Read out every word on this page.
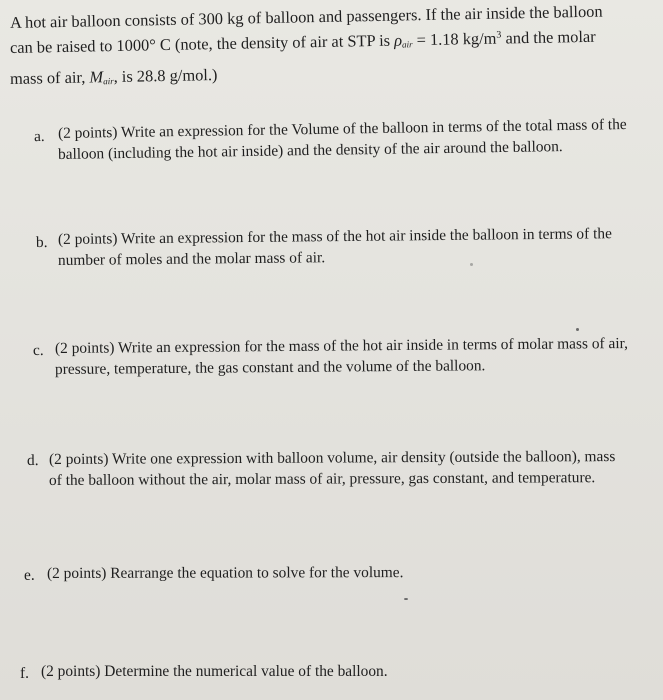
A hot air balloon consists of 300 kg of balloon and passengers. If the air inside the balloon
can be raised to 1000° C (note, the density of air at STP is ρair = 1.18 $kg/m^3$ and the molar
mass of air, Mair, is 28.8 g/mol.)
a. (2 points) Write an expression for the Volume of the balloon in terms of the total mass of the
balloon (including the hot air inside) and the density of the air around the balloon.
b. (2 points) Write an expression for the mass of the hot air inside the balloon in terms of the
number of moles and the molar mass of air.
c. (2 points) Write an expression for the mass of the hot air inside in terms of molar mass of air,
pressure, temperature, the gas constant and the volume of the balloon.
d. (2 points) Write one expression with balloon volume, air density (outside the balloon), mass
of the balloon without the air, molar mass of air, pressure, gas constant, and temperature.
e. (2 points) Rearrange the equation to solve for the volume.
f. (2 points) Determine the numerical value of the balloon.
